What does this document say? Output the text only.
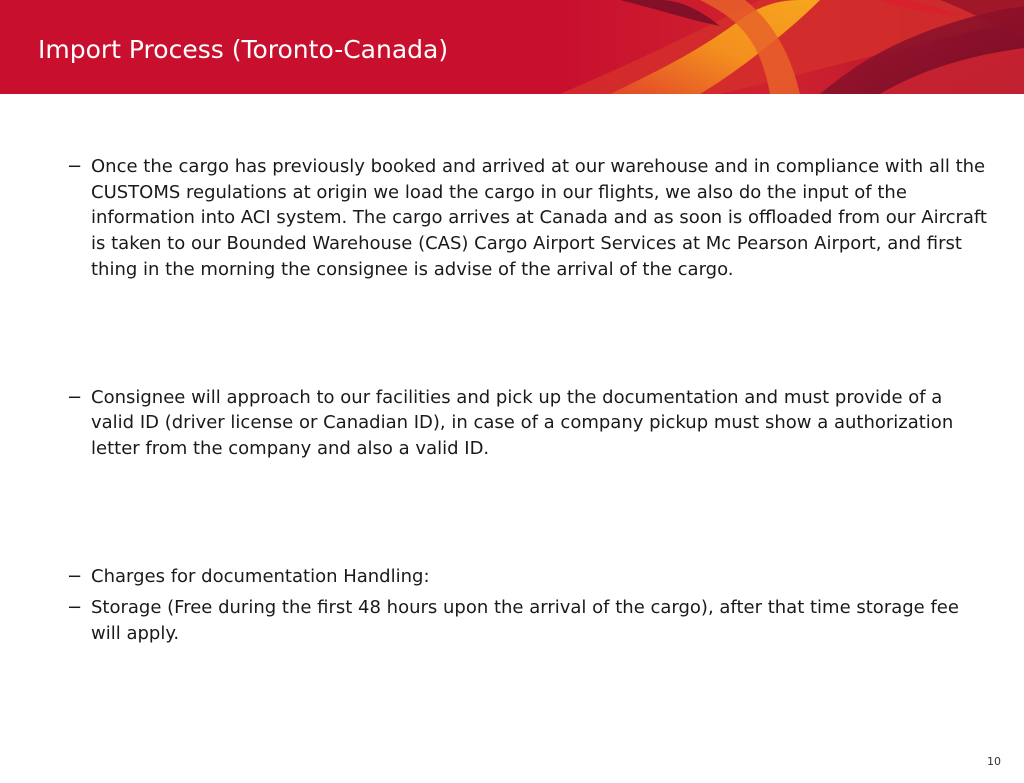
Import Process (Toronto-Canada)
− Once the cargo has previously booked and arrived at our warehouse and in compliance with all the CUSTOMS regulations at origin we load the cargo in our flights, we also do the input of the information into ACI system. The cargo arrives at Canada and as soon is offloaded from our Aircraft is taken to our Bounded Warehouse (CAS) Cargo Airport Services at Mc Pearson Airport, and first thing in the morning the consignee is advise of the arrival of the cargo.
− Consignee will approach to our facilities and pick up the documentation and must provide of a valid ID (driver license or Canadian ID), in case of a company pickup must show a authorization letter from the company and also a valid ID.
− Charges for documentation Handling:
− Storage (Free during the first 48 hours upon the arrival of the cargo), after that time storage fee will apply.
10
